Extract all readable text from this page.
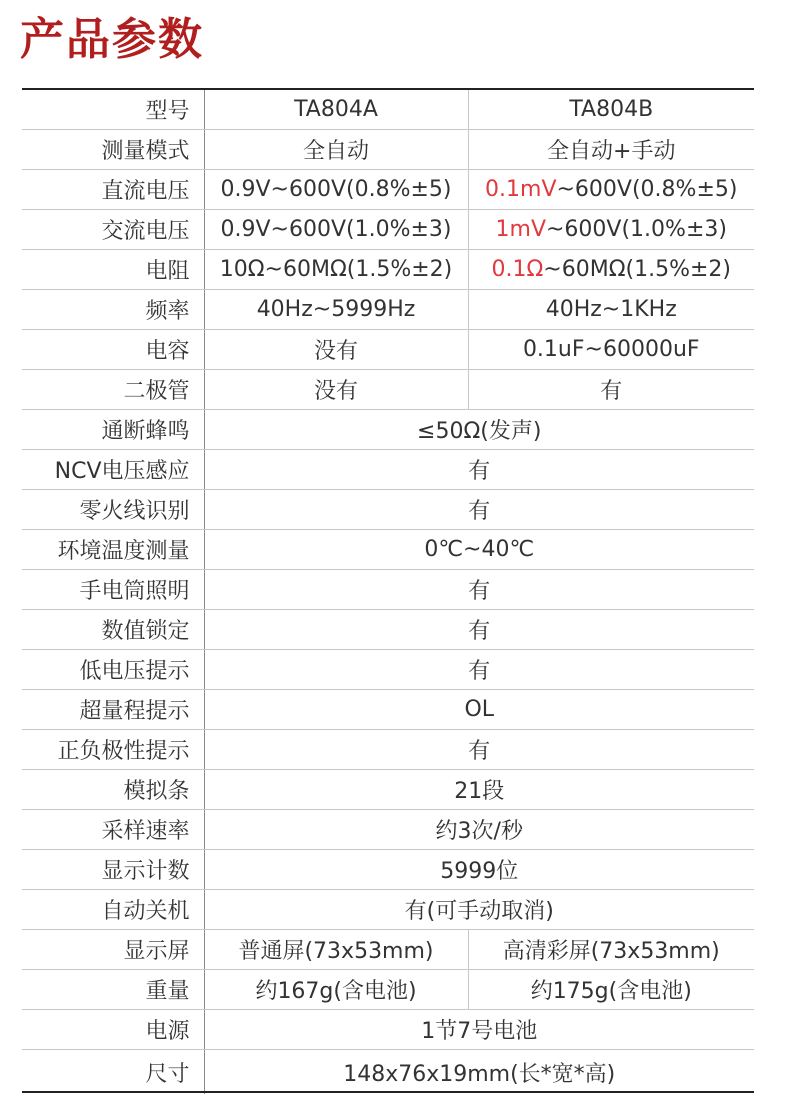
产品参数
型号	TA804A	TA804B
测量模式	全自动	全自动+手动
直流电压	0.9V~600V(0.8%±5)	0.1mV~600V(0.8%±5)
交流电压	0.9V~600V(1.0%±3)	1mV~600V(1.0%±3)
电阻	10Ω~60MΩ(1.5%±2)	0.1Ω~60MΩ(1.5%±2)
频率	40Hz~5999Hz	40Hz~1KHz
电容	没有	0.1uF~60000uF
二极管	没有	有
通断蜂鸣	≤50Ω(发声)	
NCV电压感应	有	
零火线识别	有	
环境温度测量	0℃~40℃	
手电筒照明	有	
数值锁定	有	
低电压提示	有	
超量程提示	OL	
正负极性提示	有	
模拟条	21段	
采样速率	约3次/秒	
显示计数	5999位	
自动关机	有(可手动取消)	
显示屏	普通屏(73x53mm)	高清彩屏(73x53mm)
重量	约167g(含电池)	约175g(含电池)
电源	1节7号电池	
尺寸	148x76x19mm(长*宽*高)	
